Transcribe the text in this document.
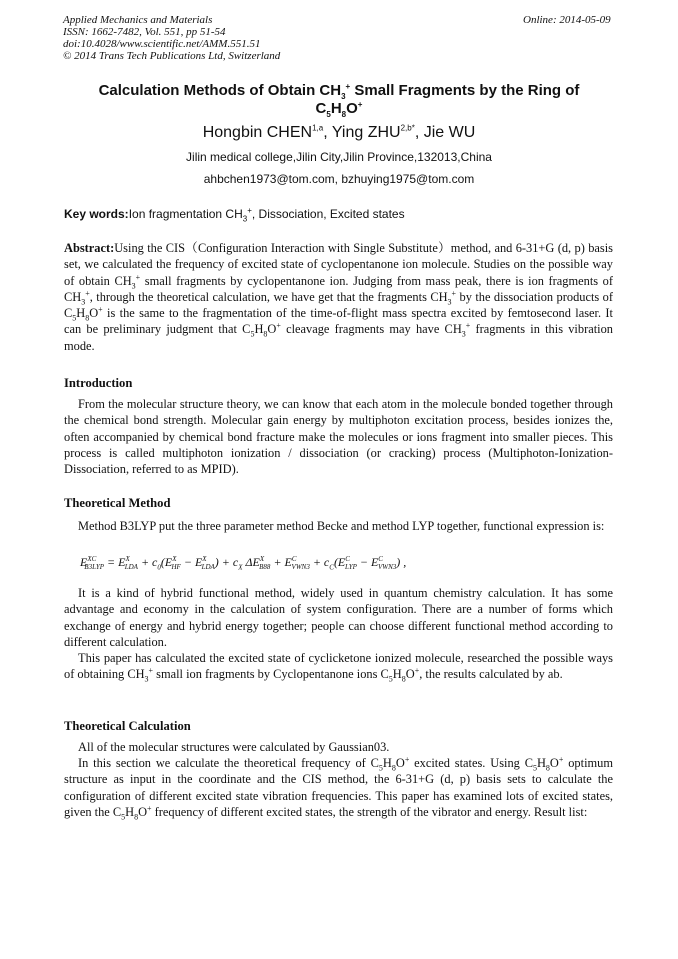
Applied Mechanics and Materials
ISSN: 1662-7482, Vol. 551, pp 51-54
doi:10.4028/www.scientific.net/AMM.551.51
© 2014 Trans Tech Publications Ltd, Switzerland
Online: 2014-05-09
Calculation Methods of Obtain $CH_3^+$ Small Fragments by the Ring of
$C_5H_8O^+$
Hongbin CHEN$^{1,a}$, Ying $ZHU^{2,b*}$, Jie WU
Jilin medical college,Jilin City,Jilin Province,132013,China
ahbchen1973@tom.com, bzhuying1975@tom.com
Key words:Ion fragmentation $CH_3^+$, Dissociation, Excited states

Abstract:Using the CIS（Configuration Interaction with Single Substitute）method, and 6-31+G (d, p) basis set, we calculated the frequency of excited state of cyclopentanone ion molecule. Studies on the possible way of obtain $CH_3^+$ small fragments by cyclopentanone ion. Judging from mass peak, there is ion fragments of $CH_3^+$, through the theoretical calculation, we have get that the fragments $CH_3^+$ by the dissociation products of $C_5H_8O^+$ is the same to the fragmentation of the time-of-flight mass spectra excited by femtosecond laser. It can be preliminary judgment that $C_5H_8O^+$ cleavage fragments may have $CH_3^+$ fragments in this vibration mode.

Introduction

From the molecular structure theory, we can know that each atom in the molecule bonded together through the chemical bond strength. Molecular gain energy by multiphoton excitation process, besides ionizes the, often accompanied by chemical bond fracture make the molecules or ions fragment into smaller pieces. This process is called multiphoton ionization / dissociation (or cracking) process (Multiphoton-Ionization-Dissociation, referred to as MPID).

Theoretical Method

Method B3LYP put the three parameter method Becke and method LYP together, functional expression is:

$E^{XC}_{B3LYP} = E^X_{LDA} + c_0(E^X_{HF} - E^X_{LDA}) + c_X$ $\Delta E^X_{B88} + E^C_{VWN3} + c_C(E^C_{LYP} - E^C_{VWN3})$ ,

It is a kind of hybrid functional method, widely used in quantum chemistry calculation. It has some advantage and economy in the calculation of system configuration. There are a number of forms which exchange of energy and hybrid energy together; people can choose different functional method according to different calculation.

This paper has calculated the excited state of cyclicketone ionized molecule, researched the possible ways of obtaining $CH_3^+$ small ion fragments by Cyclopentanone ions $C_5H_8O^+$, the results calculated by ab.

Theoretical Calculation

All of the molecular structures were calculated by Gaussian03.

In this section we calculate the theoretical frequency of $C_5H_8O^+$ excited states. Using $C_5H_8O^+$ optimum structure as input in the coordinate and the CIS method, the 6-31+G (d, p) basis sets to calculate the configuration of different excited state vibration frequencies. This paper has examined lots of excited states, given the $C_5H_8O^+$ frequency of different excited states, the strength of the vibrator and energy. Result list:
